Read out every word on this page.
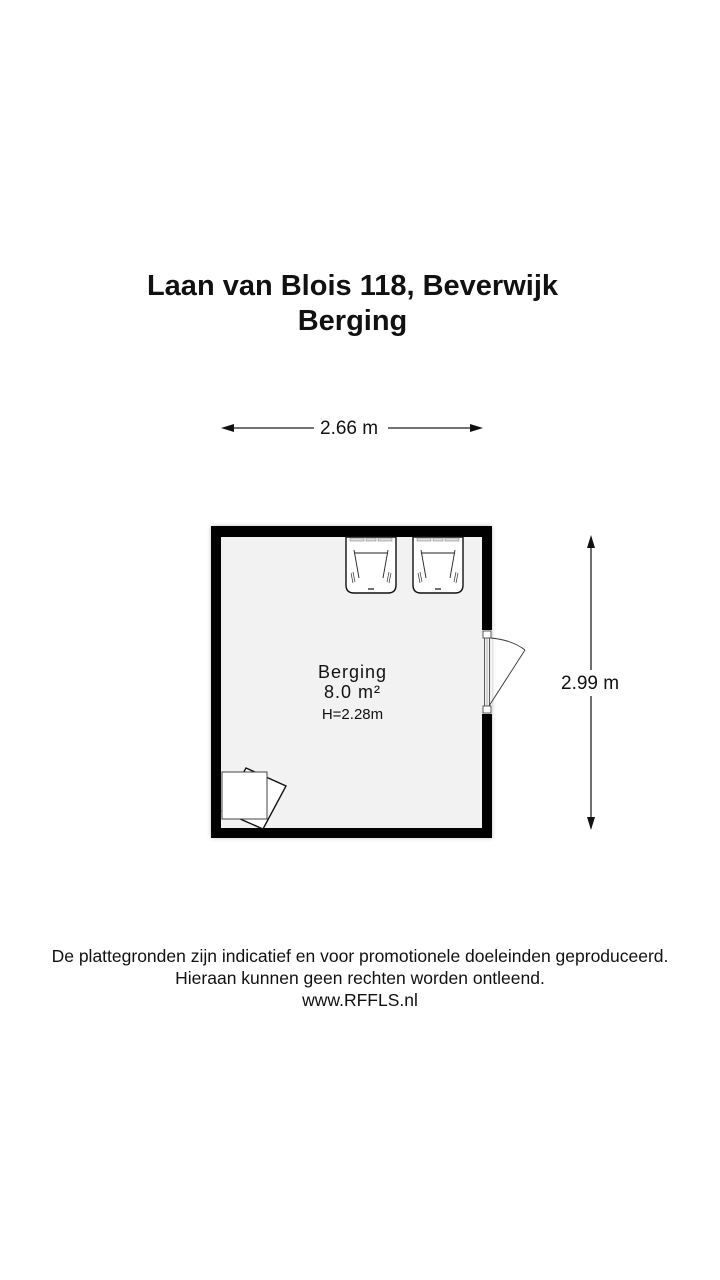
Laan van Blois 118, Beverwijk
Berging
2.66 m
2.99 m
Berging
8.0 m²
H=2.28m
De plattegronden zijn indicatief en voor promotionele doeleinden geproduceerd.
Hieraan kunnen geen rechten worden ontleend.
www.RFFLS.nl
